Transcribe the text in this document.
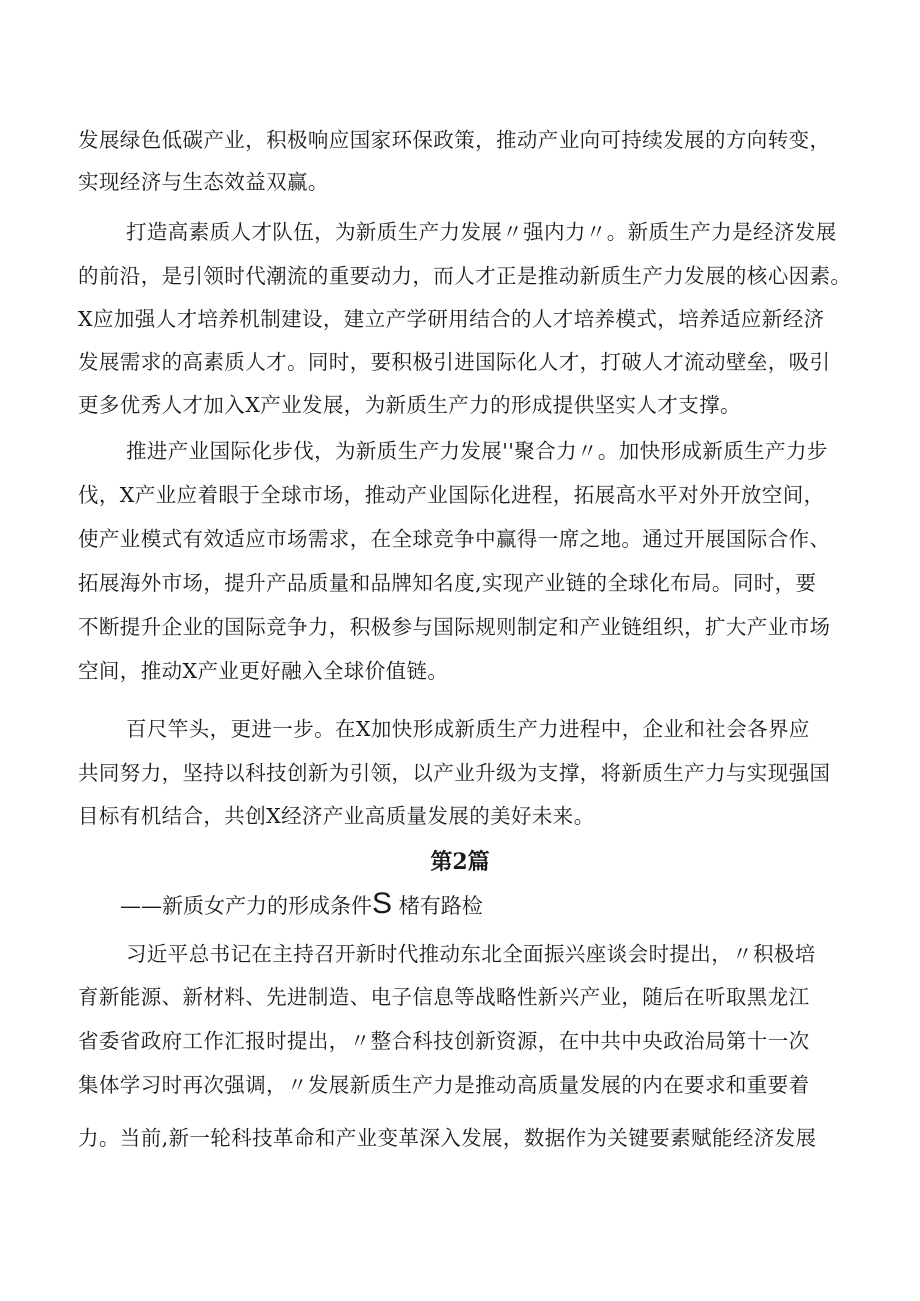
发展绿色低碳产业，积极响应国家环保政策，推动产业向可持续发展的方向转变，
实现经济与生态效益双赢。
打造高素质人才队伍，为新质生产力发展〃强内力〃。新质生产力是经济发展
的前沿，是引领时代潮流的重要动力，而人才正是推动新质生产力发展的核心因素。
X应加强人才培养机制建设，建立产学研用结合的人才培养模式，培养适应新经济
发展需求的高素质人才。同时，要积极引进国际化人才，打破人才流动壁垒，吸引
更多优秀人才加入X产业发展，为新质生产力的形成提供坚实人才支撑。
推进产业国际化步伐，为新质生产力发展''聚合力〃。加快形成新质生产力步
伐，X产业应着眼于全球市场，推动产业国际化进程，拓展高水平对外开放空间，
使产业模式有效适应市场需求，在全球竞争中赢得一席之地。通过开展国际合作、
拓展海外市场，提升产品质量和品牌知名度,实现产业链的全球化布局。同时，要
不断提升企业的国际竞争力，积极参与国际规则制定和产业链组织，扩大产业市场
空间，推动X产业更好融入全球价值链。
百尺竿头，更进一步。在X加快形成新质生产力进程中，企业和社会各界应
共同努力，坚持以科技创新为引领，以产业升级为支撑，将新质生产力与实现强国
目标有机结合，共创X经济产业高质量发展的美好未来。
第2篇
——新质女产力的形成条件S 楮有路检
习近平总书记在主持召开新时代推动东北全面振兴座谈会时提出，〃积极培
育新能源、新材料、先进制造、电子信息等战略性新兴产业，随后在听取黑龙江
省委省政府工作汇报时提出，〃整合科技创新资源，在中共中央政治局第十一次
集体学习时再次强调，〃发展新质生产力是推动高质量发展的内在要求和重要着
力。当前,新一轮科技革命和产业变革深入发展，数据作为关键要素赋能经济发展
